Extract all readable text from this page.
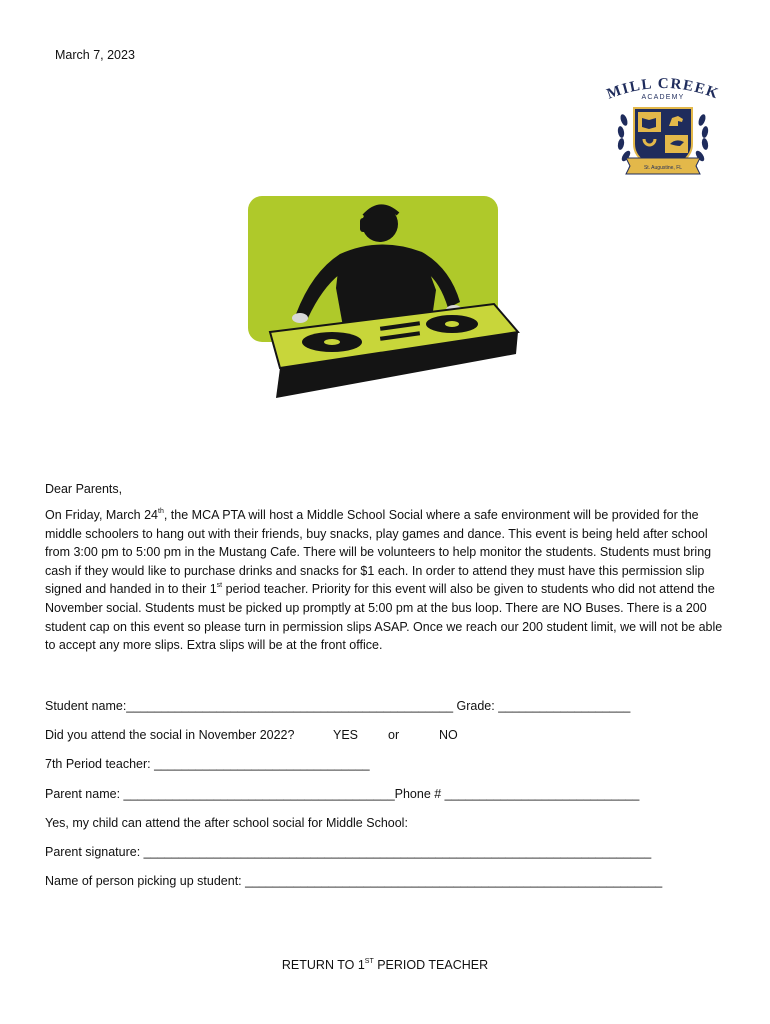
March 7, 2023
MILL CREEK
ACADEMY
St. Augustine, FL

Dear Parents,

On Friday, March 24th, the MCA PTA will host a Middle School Social where a safe environment will be provided for the middle schoolers to hang out with their friends, buy snacks, play games and dance. This event is being held after school from 3:00 pm to 5:00 pm in the Mustang Cafe. There will be volunteers to help monitor the students. Students must bring cash if they would like to purchase drinks and snacks for $1 each. In order to attend they must have this permission slip signed and handed in to their 1st period teacher. Priority for this event will also be given to students who did not attend the November social. Students must be picked up promptly at 5:00 pm at the bus loop. There are NO Buses. There is a 200 student cap on this event so please turn in permission slips ASAP. Once we reach our 200 student limit, we will not be able to accept any more slips. Extra slips will be at the front office.

Student name:_______________________________________________ Grade: ___________________
Did you attend the social in November 2022?	YES or	NO
7th Period teacher: _______________________________
Parent name: _______________________________________Phone # ____________________________
Yes, my child can attend the after school social for Middle School:
Parent signature: _________________________________________________________________________
Name of person picking up student: ____________________________________________________________
RETURN TO 1ST PERIOD TEACHER
